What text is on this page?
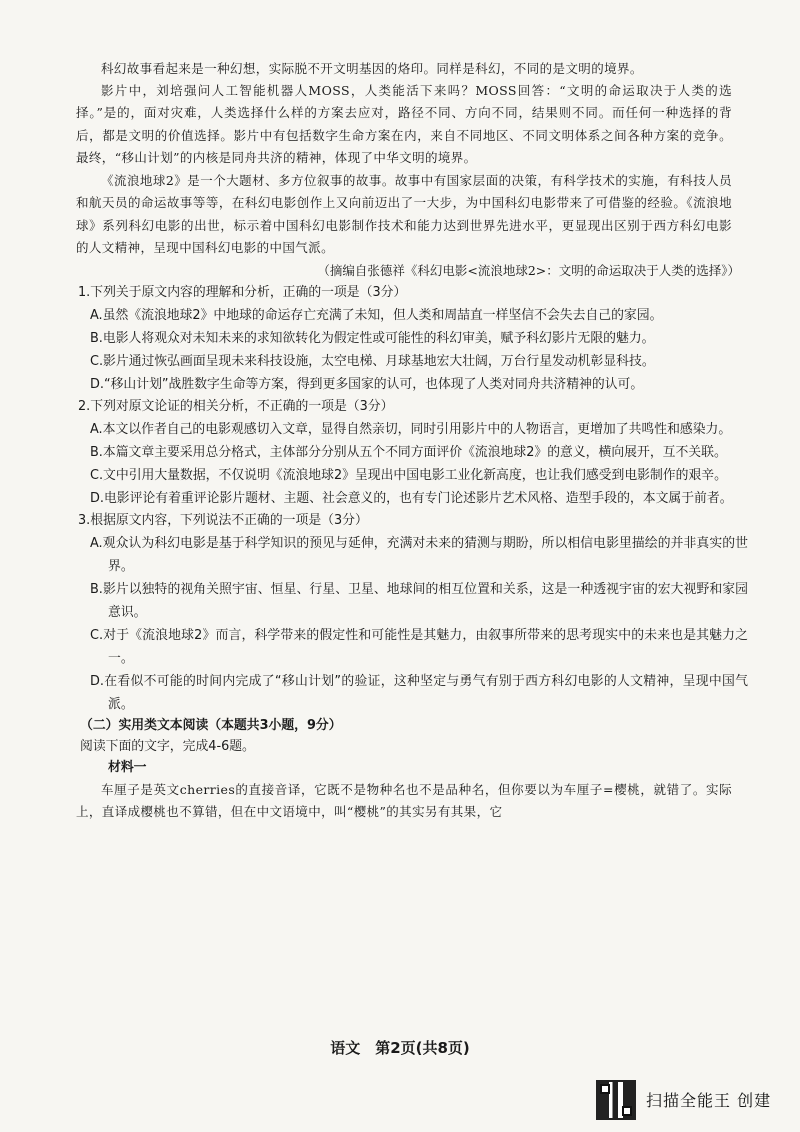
科幻故事看起来是一种幻想，实际脱不开文明基因的烙印。同样是科幻，不同的是文明的境界。

影片中，刘培强问人工智能机器人MOSS，人类能活下来吗？MOSS回答：“文明的命运取决于人类的选择。”是的，面对灾难，人类选择什么样的方案去应对，路径不同、方向不同，结果则不同。而任何一种选择的背后，都是文明的价值选择。影片中有包括数字生命方案在内，来自不同地区、不同文明体系之间各种方案的竞争。最终，“移山计划”的内核是同舟共济的精神，体现了中华文明的境界。

《流浪地球2》是一个大题材、多方位叙事的故事。故事中有国家层面的决策，有科学技术的实施，有科技人员和航天员的命运故事等等，在科幻电影创作上又向前迈出了一大步，为中国科幻电影带来了可借鉴的经验。《流浪地球》系列科幻电影的出世，标示着中国科幻电影制作技术和能力达到世界先进水平，更显现出区别于西方科幻电影的人文精神，呈现中国科幻电影的中国气派。

（摘编自张德祥《科幻电影<流浪地球2>：文明的命运取决于人类的选择》）

1.下列关于原文内容的理解和分析，正确的一项是（3分）

A.虽然《流浪地球2》中地球的命运存亡充满了未知，但人类和周喆直一样坚信不会失去自己的家园。

B.电影人将观众对未知未来的求知欲转化为假定性或可能性的科幻审美，赋予科幻影片无限的魅力。

C.影片通过恢弘画面呈现未来科技设施，太空电梯、月球基地宏大壮阔，万台行星发动机彰显科技。

D.“移山计划”战胜数字生命等方案，得到更多国家的认可，也体现了人类对同舟共济精神的认可。

2.下列对原文论证的相关分析，不正确的一项是（3分）

A.本文以作者自己的电影观感切入文章，显得自然亲切，同时引用影片中的人物语言，更增加了共鸣性和感染力。

B.本篇文章主要采用总分格式，主体部分分别从五个不同方面评价《流浪地球2》的意义，横向展开，互不关联。

C.文中引用大量数据，不仅说明《流浪地球2》呈现出中国电影工业化新高度，也让我们感受到电影制作的艰辛。

D.电影评论有着重评论影片题材、主题、社会意义的，也有专门论述影片艺术风格、造型手段的，本文属于前者。

3.根据原文内容，下列说法不正确的一项是（3分）

A.观众认为科幻电影是基于科学知识的预见与延伸，充满对未来的猜测与期盼，所以相信电影里描绘的并非真实的世界。

B.影片以独特的视角关照宇宙、恒星、行星、卫星、地球间的相互位置和关系，这是一种透视宇宙的宏大视野和家园意识。

C.对于《流浪地球2》而言，科学带来的假定性和可能性是其魅力，由叙事所带来的思考现实中的未来也是其魅力之一。

D.在看似不可能的时间内完成了“移山计划”的验证，这种坚定与勇气有别于西方科幻电影的人文精神，呈现中国气派。

（二）实用类文本阅读（本题共3小题，9分）

阅读下面的文字，完成4-6题。

材料一

车厘子是英文cherries的直接音译，它既不是物种名也不是品种名，但你要以为车厘子=樱桃，就错了。实际上，直译成樱桃也不算错，但在中文语境中，叫“樱桃”的其实另有其果，它

语文　第2页(共8页)
扫描全能王 创建
